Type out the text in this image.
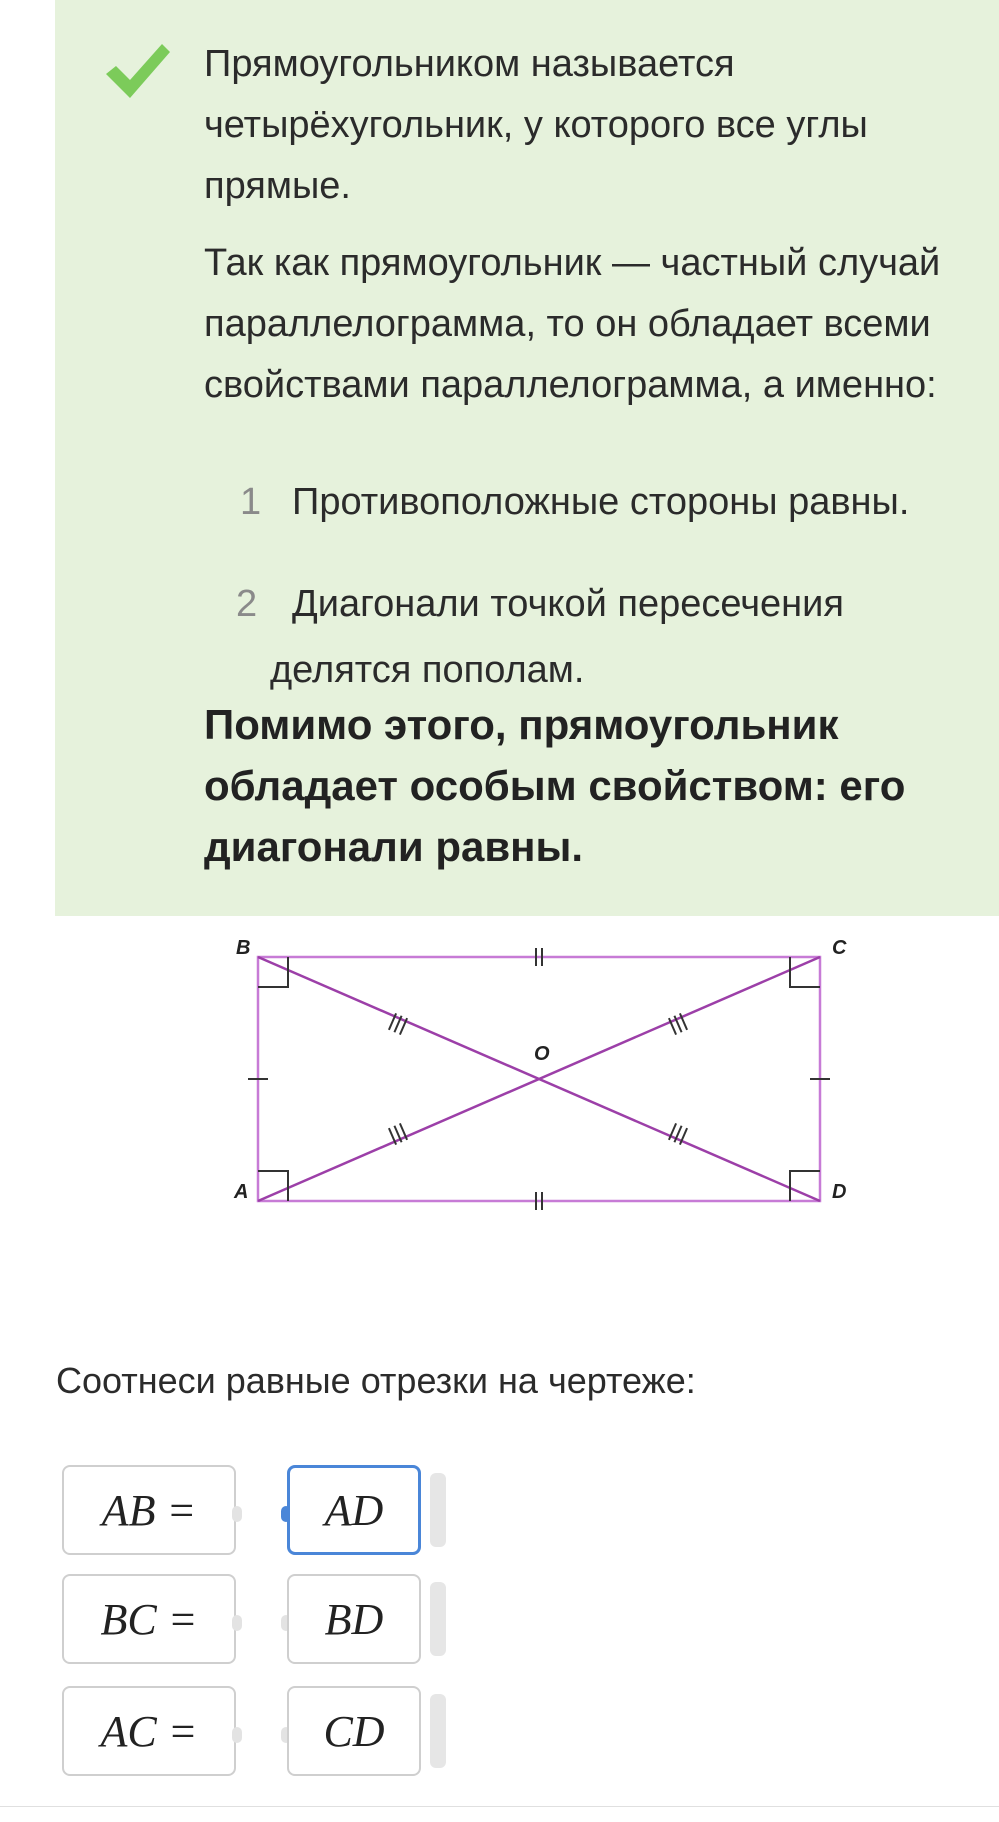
Прямоугольником называется четырёхугольник, у которого все углы прямые.

Так как прямоугольник — частный случай параллелограмма, то он обладает всеми свойствами параллелограмма, а именно:

1 Противоположные стороны равны.
2 Диагонали точкой пересечения
делятся пополам.

Помимо этого, прямоугольник обладает особым свойством: его диагонали равны.

B	C
A	D
O
Соотнеси равные отрезки на чертеже:
AB =	AD
BC =	BD
AC =	CD
